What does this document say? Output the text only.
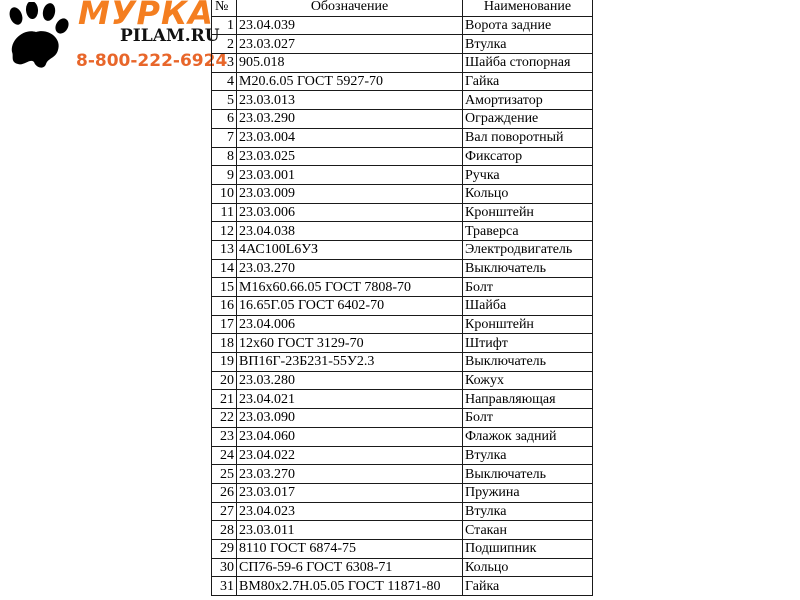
МУРКА
PILAM.RU
8-800-222-6924
№	Обозначение	Наименование
1	23.04.039	Ворота задние
2	23.03.027	Втулка
3	905.018	Шайба стопорная
4	М20.6.05 ГОСТ 5927-70	Гайка
5	23.03.013	Амортизатор
6	23.03.290	Ограждение
7	23.03.004	Вал поворотный
8	23.03.025	Фиксатор
9	23.03.001	Ручка
10	23.03.009	Кольцо
11	23.03.006	Кронштейн
12	23.04.038	Траверса
13	4АС100L6УЗ	Электродвигатель
14	23.03.270	Выключатель
15	М16х60.66.05 ГОСТ 7808-70	Болт
16	16.65Г.05 ГОСТ 6402-70	Шайба
17	23.04.006	Кронштейн
18	12х60 ГОСТ 3129-70	Штифт
19	ВП16Г-23Б231-55У2.3	Выключатель
20	23.03.280	Кожух
21	23.04.021	Направляющая
22	23.03.090	Болт
23	23.04.060	Флажок задний
24	23.04.022	Втулка
25	23.03.270	Выключатель
26	23.03.017	Пружина
27	23.04.023	Втулка
28	23.03.011	Стакан
29	8110 ГОСТ 6874-75	Подшипник
30	СП76-59-6 ГОСТ 6308-71	Кольцо
31	ВМ80х2.7Н.05.05 ГОСТ 11871-80	Гайка
